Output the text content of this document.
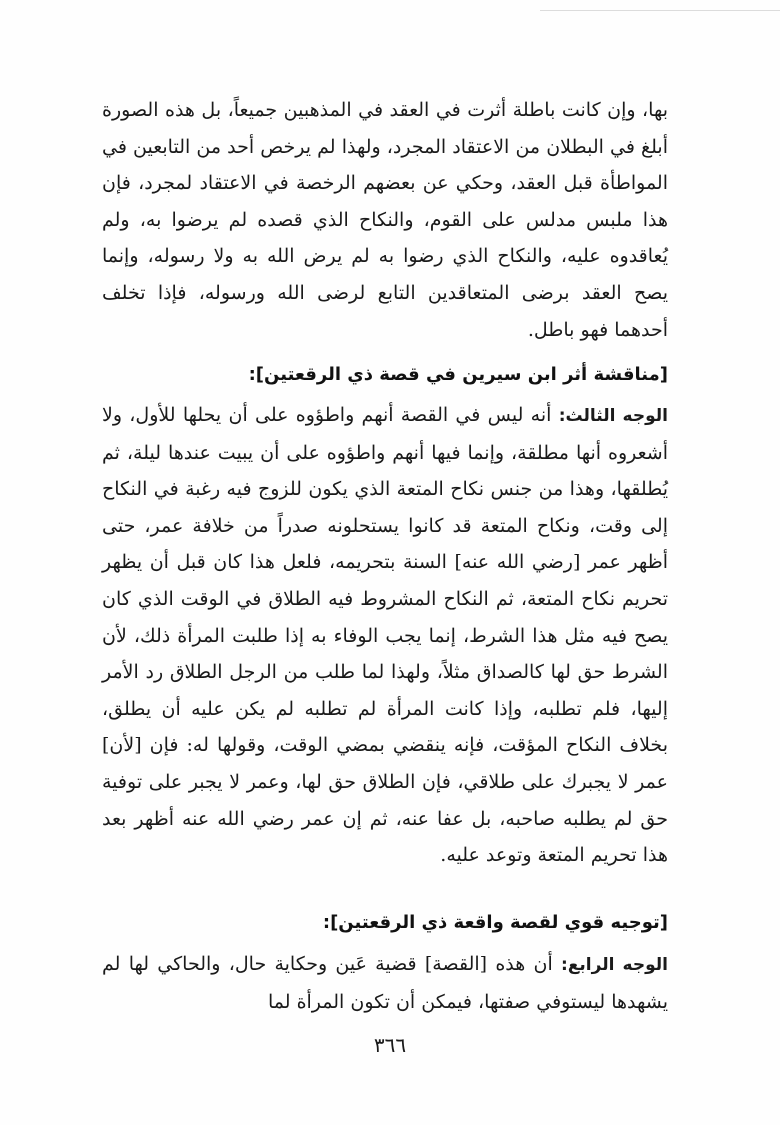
بها، وإن كانت باطلة أثرت في العقد في المذهبين جميعاً، بل هذه الصورة أبلغ في البطلان من الاعتقاد المجرد، ولهذا لم يرخص أحد من التابعين في المواطأة قبل العقد، وحكي عن بعضهم الرخصة في الاعتقاد لمجرد، فإن هذا ملبس مدلس على القوم، والنكاح الذي قصده لم يرضوا به، ولم يُعاقدوه عليه، والنكاح الذي رضوا به لم يرض الله به ولا رسوله، وإنما يصح العقد برضى المتعاقدين التابع لرضى الله ورسوله، فإذا تخلف أحدهما فهو باطل.

[مناقشة أثر ابن سيرين في قصة ذي الرقعتين]:

الوجه الثالث: أنه ليس في القصة أنهم واطؤوه على أن يحلها للأول، ولا أشعروه أنها مطلقة، وإنما فيها أنهم واطؤوه على أن يبيت عندها ليلة، ثم يُطلقها، وهذا من جنس نكاح المتعة الذي يكون للزوج فيه رغبة في النكاح إلى وقت، ونكاح المتعة قد كانوا يستحلونه صدراً من خلافة عمر، حتى أظهر عمر [رضي الله عنه] السنة بتحريمه، فلعل هذا كان قبل أن يظهر تحريم نكاح المتعة، ثم النكاح المشروط فيه الطلاق في الوقت الذي كان يصح فيه مثل هذا الشرط، إنما يجب الوفاء به إذا طلبت المرأة ذلك، لأن الشرط حق لها كالصداق مثلاً، ولهذا لما طلب من الرجل الطلاق رد الأمر إليها، فلم تطلبه، وإذا كانت المرأة لم تطلبه لم يكن عليه أن يطلق، بخلاف النكاح المؤقت، فإنه ينقضي بمضي الوقت، وقولها له: فإن [لأن] عمر لا يجبرك على طلاقي، فإن الطلاق حق لها، وعمر لا يجبر على توفية حق لم يطلبه صاحبه، بل عفا عنه، ثم إن عمر رضي الله عنه أظهر بعد هذا تحريم المتعة وتوعد عليه.

[توجيه قوي لقصة واقعة ذي الرقعتين]:

الوجه الرابع: أن هذه [القصة] قضية عَين وحكاية حال، والحاكي لها لم يشهدها ليستوفي صفتها، فيمكن أن تكون المرأة لما

٣٦٦
